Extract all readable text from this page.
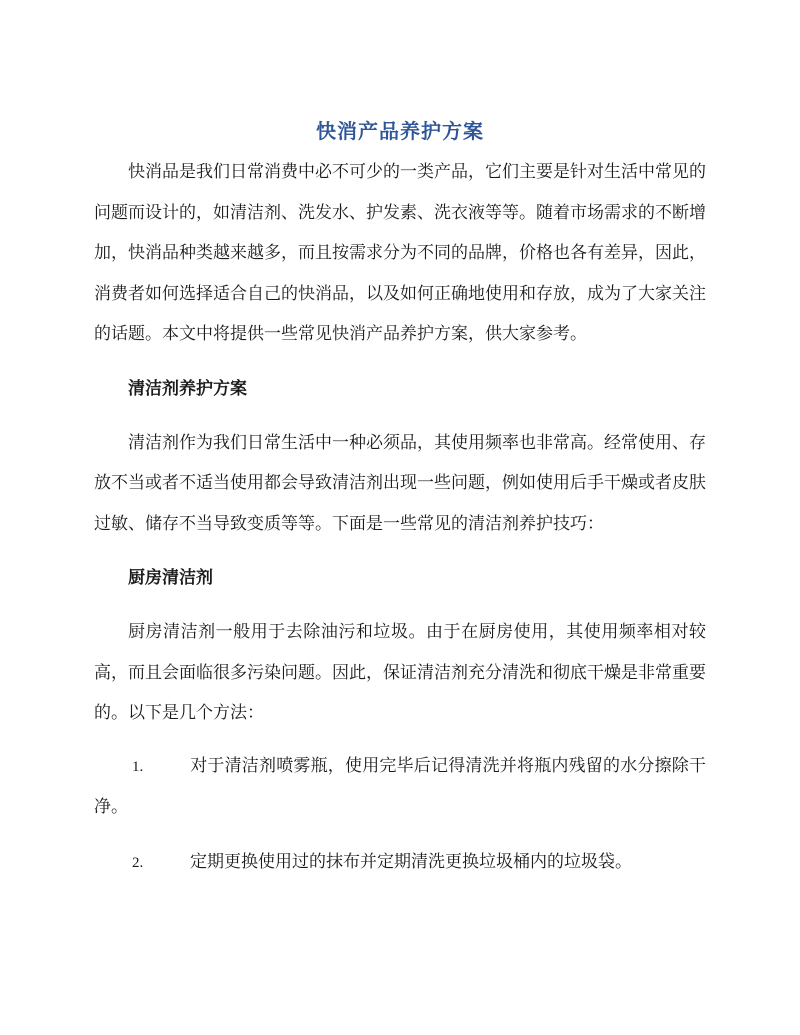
快消产品养护方案

快消品是我们日常消费中必不可少的一类产品，它们主要是针对生活中常见的问题而设计的，如清洁剂、洗发水、护发素、洗衣液等等。随着市场需求的不断增加，快消品种类越来越多，而且按需求分为不同的品牌，价格也各有差异，因此，消费者如何选择适合自己的快消品，以及如何正确地使用和存放，成为了大家关注的话题。本文中将提供一些常见快消产品养护方案，供大家参考。

清洁剂养护方案

清洁剂作为我们日常生活中一种必须品，其使用频率也非常高。经常使用、存放不当或者不适当使用都会导致清洁剂出现一些问题，例如使用后手干燥或者皮肤过敏、储存不当导致变质等等。下面是一些常见的清洁剂养护技巧：

厨房清洁剂

厨房清洁剂一般用于去除油污和垃圾。由于在厨房使用，其使用频率相对较高，而且会面临很多污染问题。因此，保证清洁剂充分清洗和彻底干燥是非常重要的。以下是几个方法：

1.	对于清洁剂喷雾瓶，使用完毕后记得清洗并将瓶内残留的水分擦除干净。

2.	定期更换使用过的抹布并定期清洗更换垃圾桶内的垃圾袋。
